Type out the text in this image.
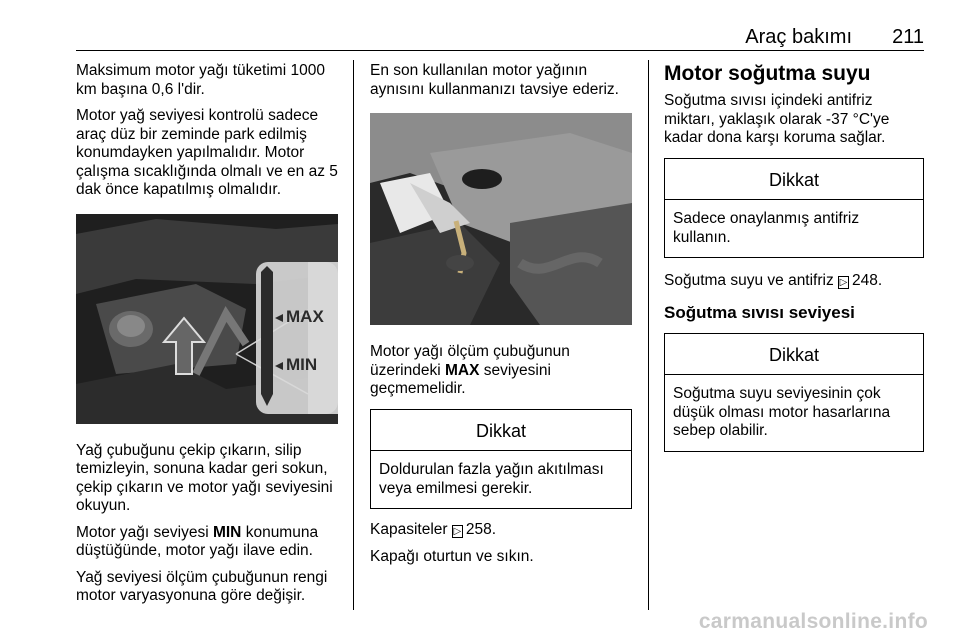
Araç bakımı 211

Maksimum motor yağı tüketimi 1000 km başına 0,6 l'dir.

Motor yağ seviyesi kontrolü sadece araç düz bir zeminde park edilmiş konumdayken yapılmalıdır. Motor çalışma sıcaklığında olmalı ve en az 5 dak önce kapatılmış olmalıdır.

MAX
MIN

Yağ çubuğunu çekip çıkarın, silip temizleyin, sonuna kadar geri sokun, çekip çıkarın ve motor yağı seviyesini okuyun.

Motor yağı seviyesi MIN konumuna düştüğünde, motor yağı ilave edin.

Yağ seviyesi ölçüm çubuğunun rengi motor varyasyonuna göre değişir.

En son kullanılan motor yağının aynısını kullanmanızı tavsiye ederiz.

Motor yağı ölçüm çubuğunun üzerindeki MAX seviyesini geçmemelidir.

Dikkat
Doldurulan fazla yağın akıtılması veya emilmesi gerekir.

Kapasiteler ▷ 258.

Kapağı oturtun ve sıkın.

Motor soğutma suyu

Soğutma sıvısı içindeki antifriz miktarı, yaklaşık olarak -37 °C'ye kadar dona karşı koruma sağlar.

Dikkat
Sadece onaylanmış antifriz kullanın.

Soğutma suyu ve antifriz ▷ 248.

Soğutma sıvısı seviyesi
Dikkat
Soğutma suyu seviyesinin çok düşük olması motor hasarlarına sebep olabilir.
carmanualsonline.info
